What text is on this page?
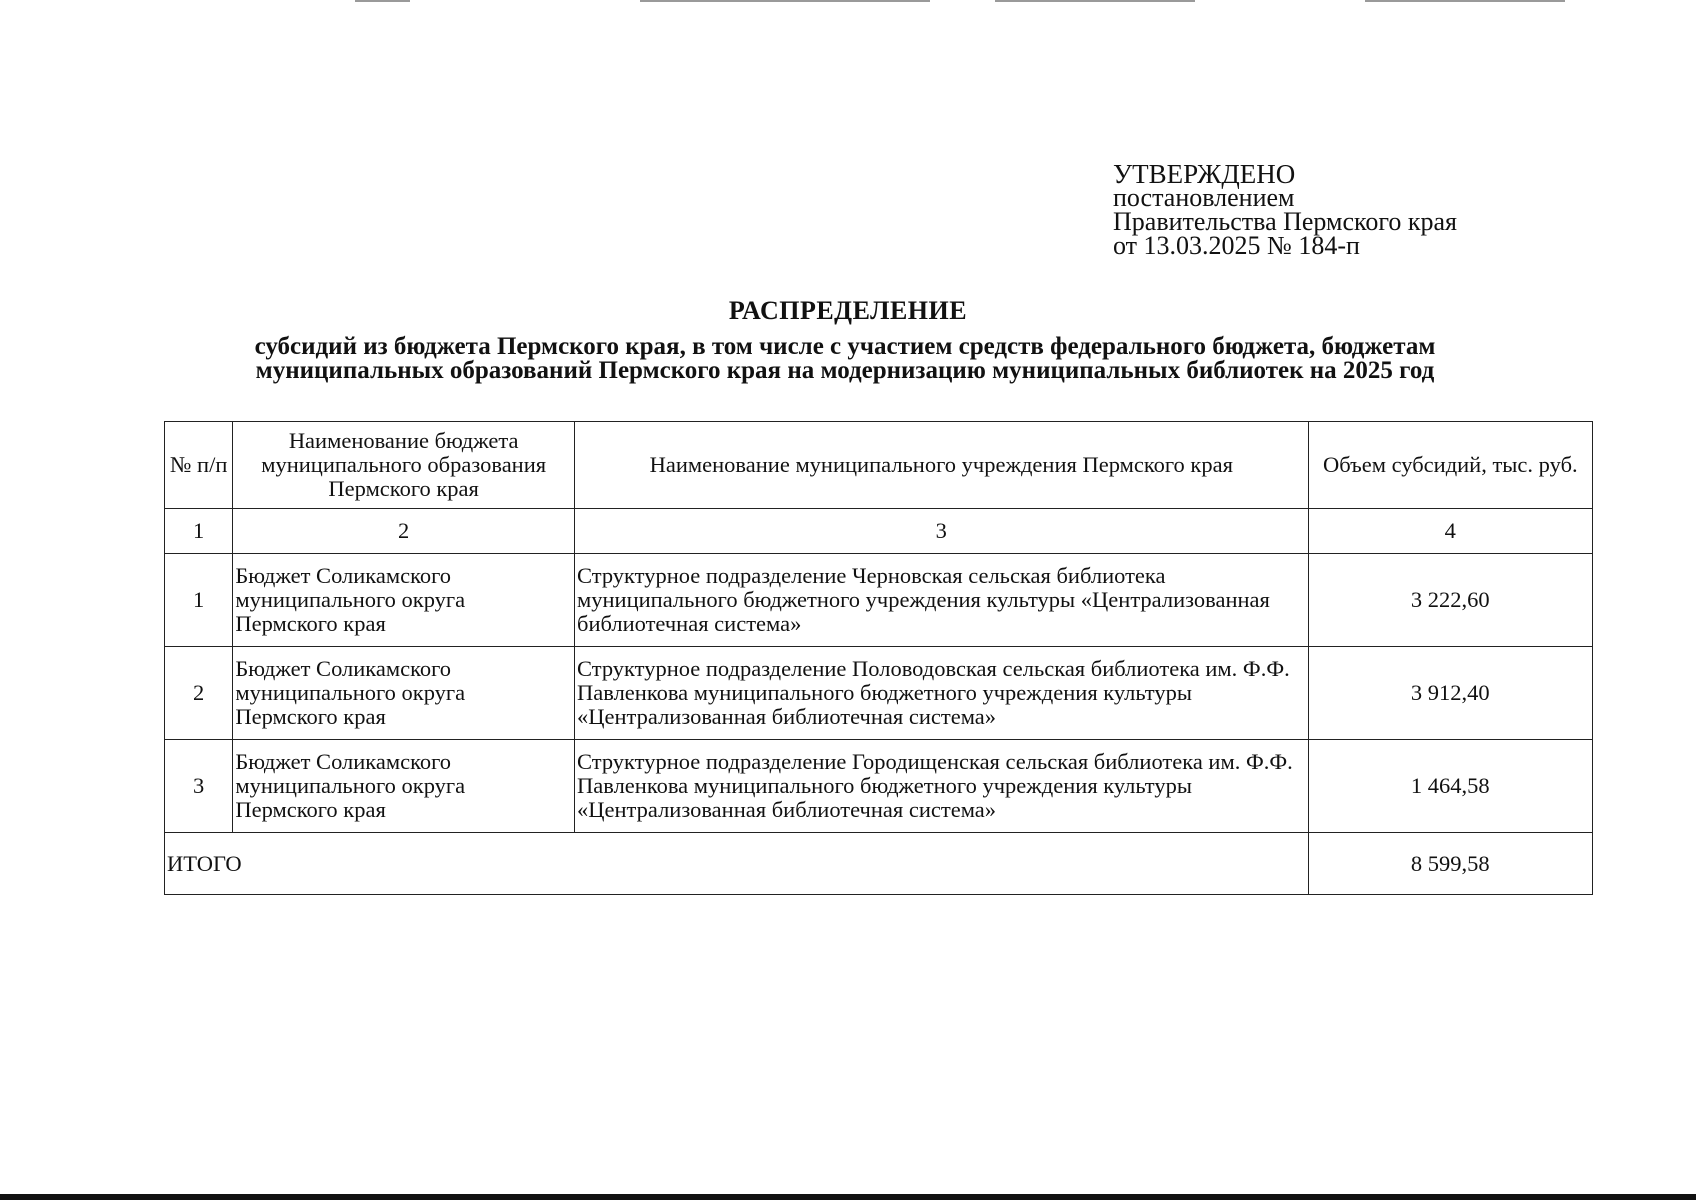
УТВЕРЖДЕНО
постановлением
Правительства Пермского края
от 13.03.2025 № 184-п
РАСПРЕДЕЛЕНИЕ
субсидий из бюджета Пермского края, в том числе с участием средств федерального бюджета, бюджетам
муниципальных образований Пермского края на модернизацию муниципальных библиотек на 2025 год
№ п/п	Наименование бюджета муниципального образования Пермского края	Наименование муниципального учреждения Пермского края	Объем субсидий, тыс. руб.
1	2	3	4
1	Бюджет Соликамского муниципального округа Пермского края	Структурное подразделение Черновская сельская библиотека муниципального бюджетного учреждения культуры «Централизованная библиотечная система»	3 222,60
2	Бюджет Соликамского муниципального округа Пермского края	Структурное подразделение Половодовская сельская библиотека им. Ф.Ф. Павленкова муниципального бюджетного учреждения культуры «Централизованная библиотечная система»	3 912,40
3	Бюджет Соликамского муниципального округа Пермского края	Структурное подразделение Городищенская сельская библиотека им. Ф.Ф. Павленкова муниципального бюджетного учреждения культуры «Централизованная библиотечная система»	1 464,58
ИТОГО			8 599,58
